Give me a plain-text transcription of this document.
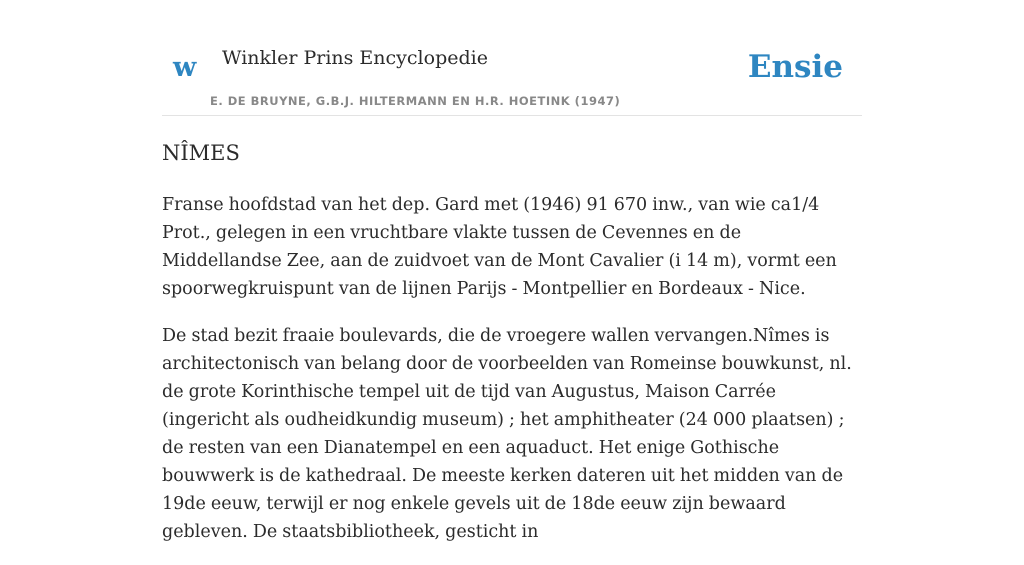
w Winkler Prins Encyclopedie
E. DE BRUYNE, G.B.J. HILTERMANN EN H.R. HOETINK (1947)
Ensie
NÎMES

Franse hoofdstad van het dep. Gard met (1946) 91 670 inw., van wie ca1/4 Prot., gelegen in een vruchtbare vlakte tussen de Cevennes en de Middellandse Zee, aan de zuidvoet van de Mont Cavalier (i 14 m), vormt een spoorwegkruispunt van de lijnen Parijs - Montpellier en Bordeaux - Nice.

De stad bezit fraaie boulevards, die de vroegere wallen vervangen.Nîmes is architectonisch van belang door de voorbeelden van Romeinse bouwkunst, nl. de grote Korinthische tempel uit de tijd van Augustus, Maison Carrée (ingericht als oudheidkundig museum) ; het amphitheater (24 000 plaatsen) ; de resten van een Dianatempel en een aquaduct. Het enige Gothische bouwwerk is de kathedraal. De meeste kerken dateren uit het midden van de 19de eeuw, terwijl er nog enkele gevels uit de 18de eeuw zijn bewaard gebleven. De staatsbibliotheek, gesticht in
